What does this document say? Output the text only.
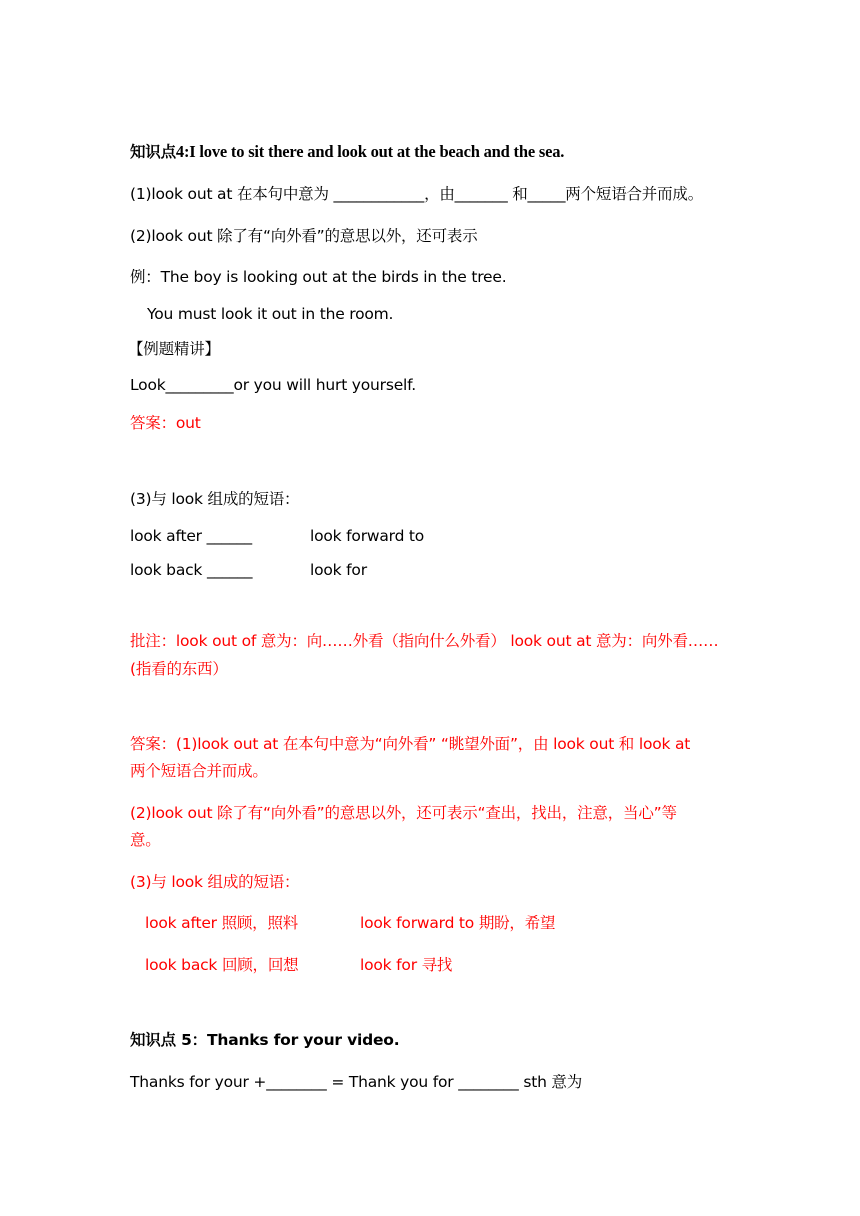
知识点4:I love to sit there and look out at the beach and the sea.
(1)look out at 在本句中意为 ____________，由_______ 和_____两个短语合并而成。
(2)look out 除了有“向外看”的意思以外，还可表示
例：The boy is looking out at the birds in the tree.
You must look it out in the room.
【例题精讲】
Look_________or you will hurt yourself.
答案：out
(3)与 look 组成的短语：
look after ______	look forward to
look back ______	look for
批注：look out of 意为：向……外看（指向什么外看） look out at 意为：向外看……
(指看的东西）
答案：(1)look out at 在本句中意为“向外看” “眺望外面”，由 look out 和 look at
两个短语合并而成。
(2)look out 除了有“向外看”的意思以外，还可表示“查出，找出，注意，当心”等
意。
(3)与 look 组成的短语：
look after 照顾，照料	look forward to 期盼，希望
look back 回顾，回想	look for 寻找
知识点 5：Thanks for your video.
Thanks for your +________ = Thank you for ________ sth 意为
